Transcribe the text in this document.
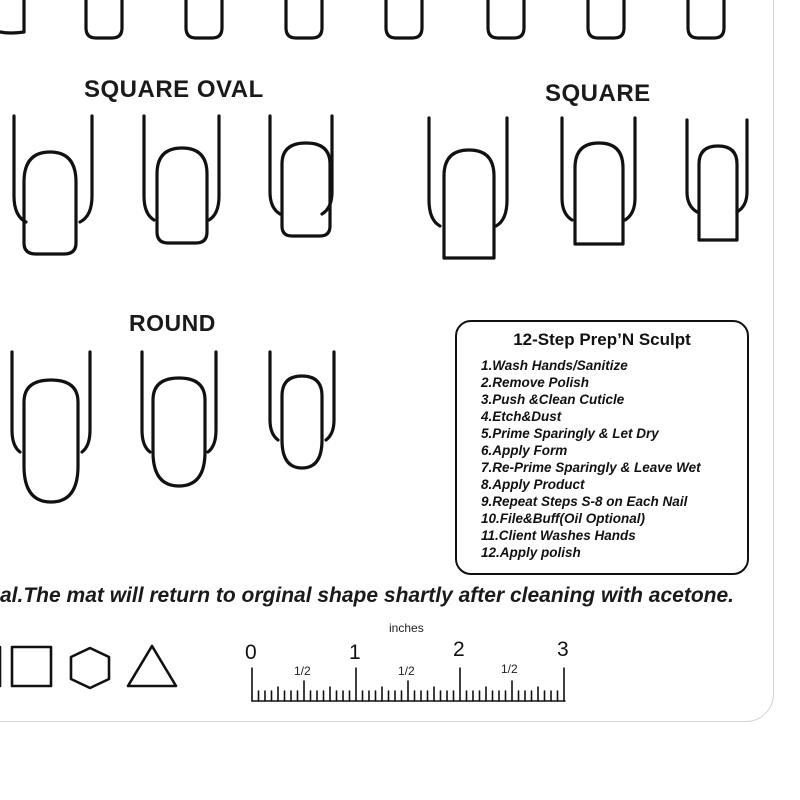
SQUARE OVAL	SQUARE
ROUND
12-Step Prep’N Sculpt
1.Wash Hands/Sanitize
2.Remove Polish
3.Push &Clean Cuticle
4.Etch&Dust
5.Prime Sparingly & Let Dry
6.Apply Form
7.Re-Prime Sparingly & Leave Wet
8.Apply Product
9.Repeat Steps S-8 on Each Nail
10.File&Buff(Oil Optional)
11.Client Washes Hands
12.Apply polish
al.The mat will return to orginal shape shartly after cleaning with acetone.
inches
0	1	2	3
1/2	1/2	1/2
